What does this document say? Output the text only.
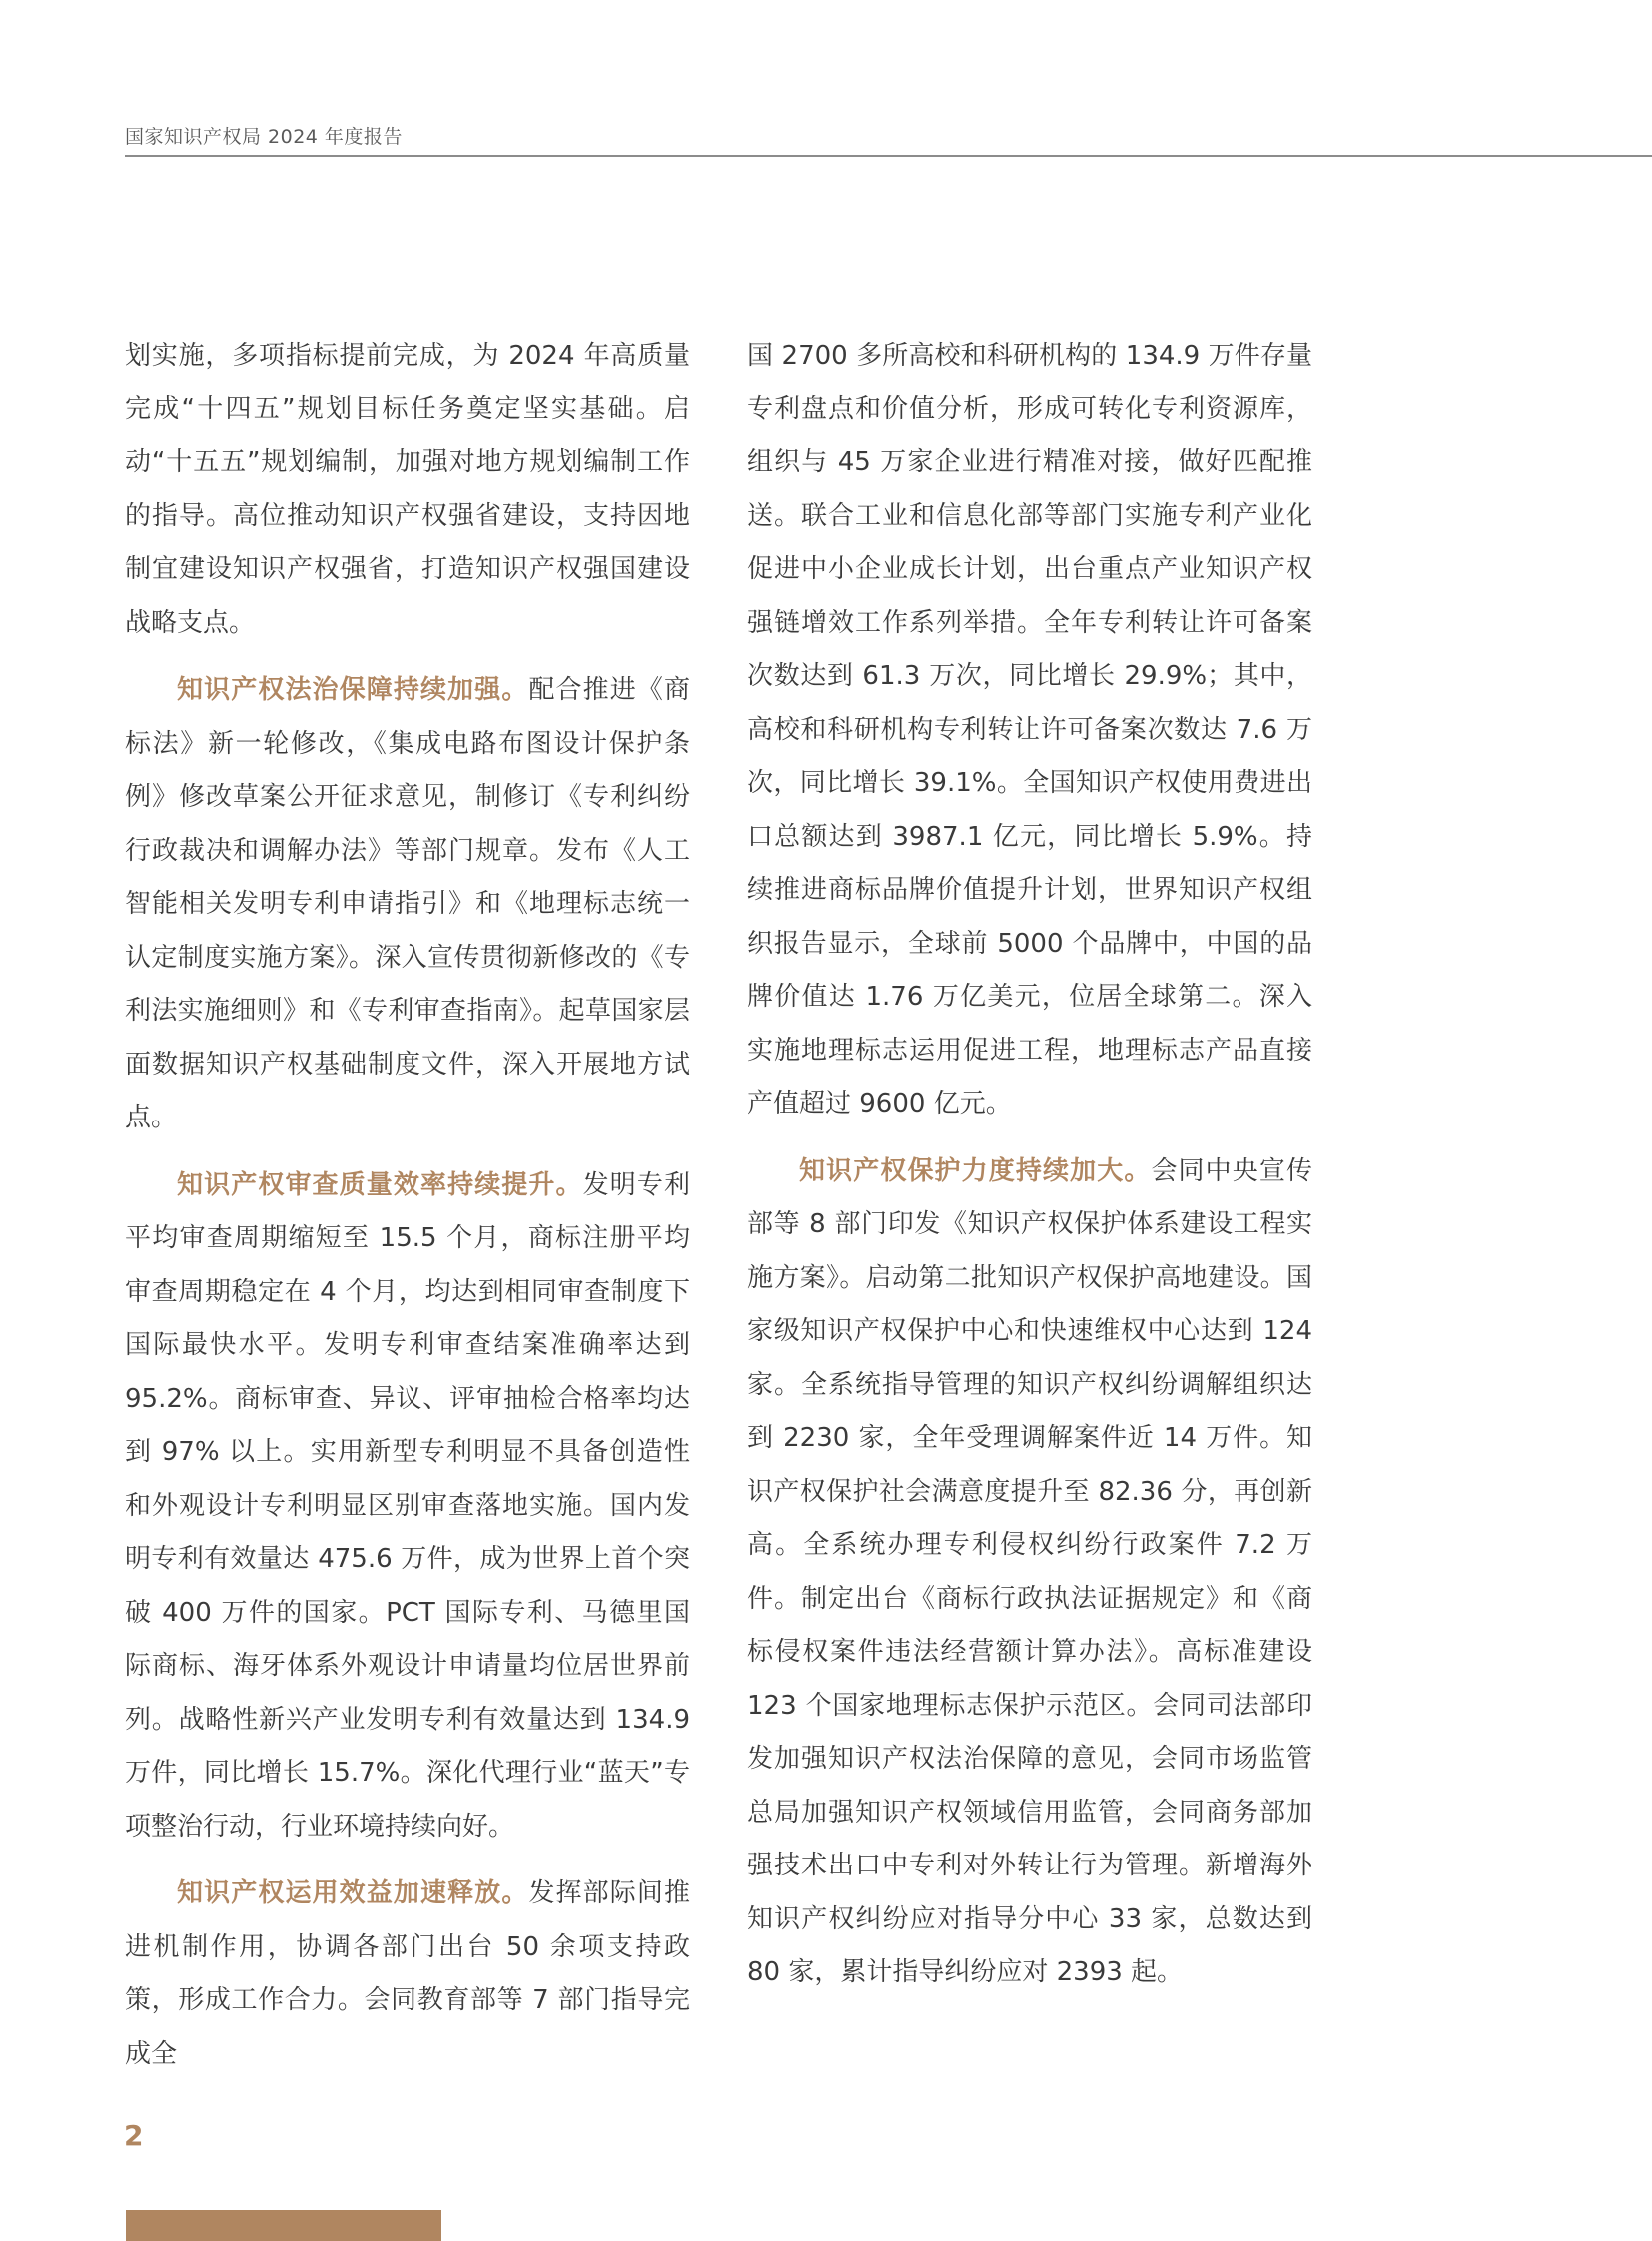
国家知识产权局 2024 年度报告

划实施，多项指标提前完成，为 2024 年高质量完成“十四五”规划目标任务奠定坚实基础。启动“十五五”规划编制，加强对地方规划编制工作的指导。高位推动知识产权强省建设，支持因地制宜建设知识产权强省，打造知识产权强国建设战略支点。

知识产权法治保障持续加强。配合推进《商标法》新一轮修改，《集成电路布图设计保护条例》修改草案公开征求意见，制修订《专利纠纷行政裁决和调解办法》等部门规章。发布《人工智能相关发明专利申请指引》和《地理标志统一认定制度实施方案》。深入宣传贯彻新修改的《专利法实施细则》和《专利审查指南》。起草国家层面数据知识产权基础制度文件，深入开展地方试点。

知识产权审查质量效率持续提升。发明专利平均审查周期缩短至 15.5 个月，商标注册平均审查周期稳定在 4 个月，均达到相同审查制度下国际最快水平。发明专利审查结案准确率达到 95.2%。商标审查、异议、评审抽检合格率均达到 97% 以上。实用新型专利明显不具备创造性和外观设计专利明显区别审查落地实施。国内发明专利有效量达 475.6 万件，成为世界上首个突破 400 万件的国家。PCT 国际专利、马德里国际商标、海牙体系外观设计申请量均位居世界前列。战略性新兴产业发明专利有效量达到 134.9 万件，同比增长 15.7%。深化代理行业“蓝天”专项整治行动，行业环境持续向好。

知识产权运用效益加速释放。发挥部际间推进机制作用，协调各部门出台 50 余项支持政策，形成工作合力。会同教育部等 7 部门指导完成全

国 2700 多所高校和科研机构的 134.9 万件存量专利盘点和价值分析，形成可转化专利资源库，组织与 45 万家企业进行精准对接，做好匹配推送。联合工业和信息化部等部门实施专利产业化促进中小企业成长计划，出台重点产业知识产权强链增效工作系列举措。全年专利转让许可备案次数达到 61.3 万次，同比增长 29.9%；其中，高校和科研机构专利转让许可备案次数达 7.6 万次，同比增长 39.1%。全国知识产权使用费进出口总额达到 3987.1 亿元，同比增长 5.9%。持续推进商标品牌价值提升计划，世界知识产权组织报告显示，全球前 5000 个品牌中，中国的品牌价值达 1.76 万亿美元，位居全球第二。深入实施地理标志运用促进工程，地理标志产品直接产值超过 9600 亿元。

知识产权保护力度持续加大。会同中央宣传部等 8 部门印发《知识产权保护体系建设工程实施方案》。启动第二批知识产权保护高地建设。国家级知识产权保护中心和快速维权中心达到 124 家。全系统指导管理的知识产权纠纷调解组织达到 2230 家，全年受理调解案件近 14 万件。知识产权保护社会满意度提升至 82.36 分，再创新高。全系统办理专利侵权纠纷行政案件 7.2 万件。制定出台《商标行政执法证据规定》和《商标侵权案件违法经营额计算办法》。高标准建设 123 个国家地理标志保护示范区。会同司法部印发加强知识产权法治保障的意见，会同市场监管总局加强知识产权领域信用监管，会同商务部加强技术出口中专利对外转让行为管理。新增海外知识产权纠纷应对指导分中心 33 家，总数达到 80 家，累计指导纠纷应对 2393 起。

2
